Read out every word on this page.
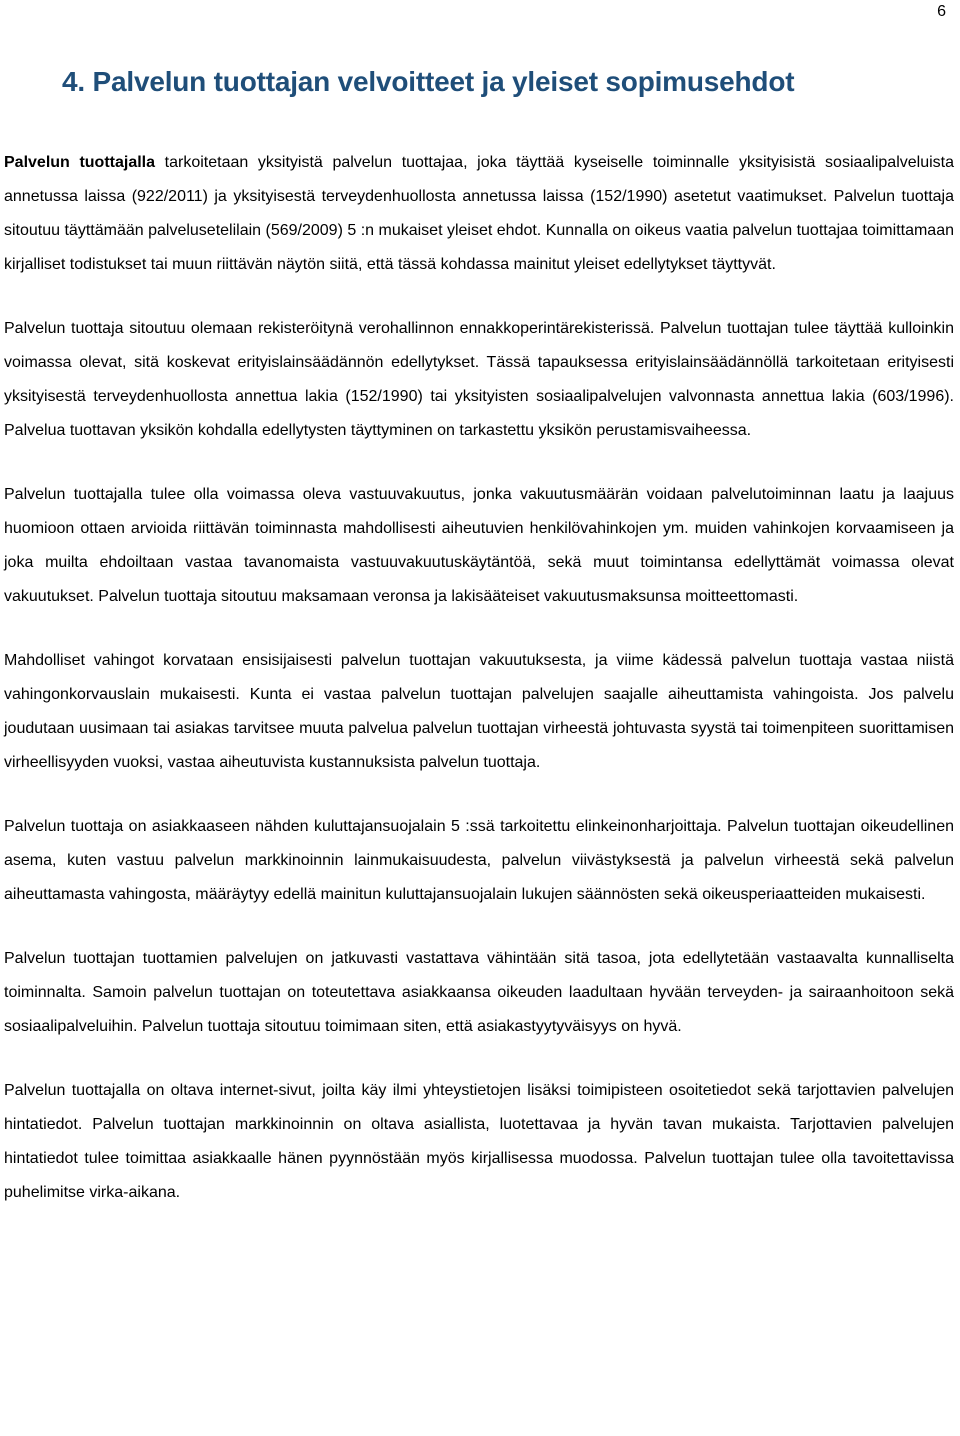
6
4. Palvelun tuottajan velvoitteet ja yleiset sopimusehdot

Palvelun tuottajalla tarkoitetaan yksityistä palvelun tuottajaa, joka täyttää kyseiselle toiminnalle yksityisistä sosiaalipalveluista annetussa laissa (922/2011) ja yksityisestä terveydenhuollosta annetussa laissa (152/1990) asetetut vaatimukset. Palvelun tuottaja sitoutuu täyttämään palvelusetelilain (569/2009) 5 :n mukaiset yleiset ehdot. Kunnalla on oikeus vaatia palvelun tuottajaa toimittamaan kirjalliset todistukset tai muun riittävän näytön siitä, että tässä kohdassa mainitut yleiset edellytykset täyttyvät.

Palvelun tuottaja sitoutuu olemaan rekisteröitynä verohallinnon ennakkoperintärekisterissä. Palvelun tuottajan tulee täyttää kulloinkin voimassa olevat, sitä koskevat erityislainsäädännön edellytykset. Tässä tapauksessa erityislainsäädännöllä tarkoitetaan erityisesti yksityisestä terveydenhuollosta annettua lakia (152/1990) tai yksityisten sosiaalipalvelujen valvonnasta annettua lakia (603/1996). Palvelua tuottavan yksikön kohdalla edellytysten täyttyminen on tarkastettu yksikön perustamisvaiheessa.

Palvelun tuottajalla tulee olla voimassa oleva vastuuvakuutus, jonka vakuutusmäärän voidaan palvelutoiminnan laatu ja laajuus huomioon ottaen arvioida riittävän toiminnasta mahdollisesti aiheutuvien henkilövahinkojen ym. muiden vahinkojen korvaamiseen ja joka muilta ehdoiltaan vastaa tavanomaista vastuuvakuutuskäytäntöä, sekä muut toimintansa edellyttämät voimassa olevat vakuutukset. Palvelun tuottaja sitoutuu maksamaan veronsa ja lakisääteiset vakuutusmaksunsa moitteettomasti.

Mahdolliset vahingot korvataan ensisijaisesti palvelun tuottajan vakuutuksesta, ja viime kädessä palvelun tuottaja vastaa niistä vahingonkorvauslain mukaisesti. Kunta ei vastaa palvelun tuottajan palvelujen saajalle aiheuttamista vahingoista. Jos palvelu joudutaan uusimaan tai asiakas tarvitsee muuta palvelua palvelun tuottajan virheestä johtuvasta syystä tai toimenpiteen suorittamisen virheellisyyden vuoksi, vastaa aiheutuvista kustannuksista palvelun tuottaja.

Palvelun tuottaja on asiakkaaseen nähden kuluttajansuojalain 5 :ssä tarkoitettu elinkeinonharjoittaja. Palvelun tuottajan oikeudellinen asema, kuten vastuu palvelun markkinoinnin lainmukaisuudesta, palvelun viivästyksestä ja palvelun virheestä sekä palvelun aiheuttamasta vahingosta, määräytyy edellä mainitun kuluttajansuojalain lukujen säännösten sekä oikeusperiaatteiden mukaisesti.

Palvelun tuottajan tuottamien palvelujen on jatkuvasti vastattava vähintään sitä tasoa, jota edellytetään vastaavalta kunnalliselta toiminnalta. Samoin palvelun tuottajan on toteutettava asiakkaansa oikeuden laadultaan hyvään terveyden- ja sairaanhoitoon sekä sosiaalipalveluihin. Palvelun tuottaja sitoutuu toimimaan siten, että asiakastyytyväisyys on hyvä.

Palvelun tuottajalla on oltava internet-sivut, joilta käy ilmi yhteystietojen lisäksi toimipisteen osoitetiedot sekä tarjottavien palvelujen hintatiedot. Palvelun tuottajan markkinoinnin on oltava asiallista, luotettavaa ja hyvän tavan mukaista. Tarjottavien palvelujen hintatiedot tulee toimittaa asiakkaalle hänen pyynnöstään myös kirjallisessa muodossa. Palvelun tuottajan tulee olla tavoitettavissa puhelimitse virka-aikana.
